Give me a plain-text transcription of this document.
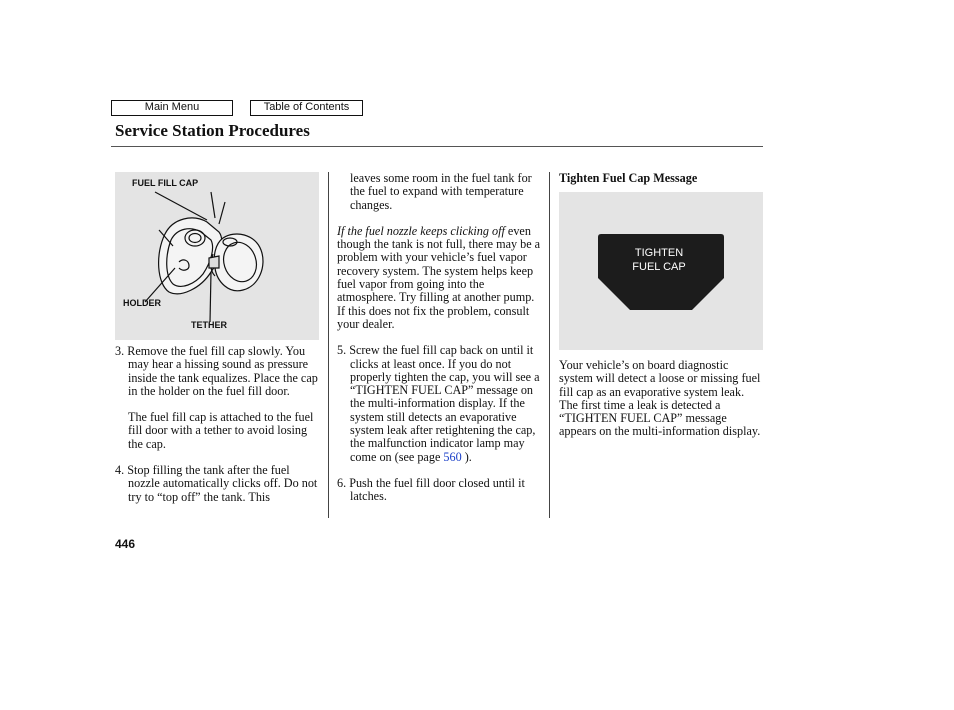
Main Menu	Table of Contents
Service Station Procedures
FUEL FILL CAP
HOLDER
TETHER

3. Remove the fuel fill cap slowly. You may hear a hissing sound as pressure inside the tank equalizes. Place the cap in the holder on the fuel fill door.

The fuel fill cap is attached to the fuel fill door with a tether to avoid losing the cap.

4. Stop filling the tank after the fuel nozzle automatically clicks off. Do not try to “top off” the tank. This

leaves some room in the fuel tank for the fuel to expand with temperature changes.

If the fuel nozzle keeps clicking off even though the tank is not full, there may be a problem with your vehicle’s fuel vapor recovery system. The system helps keep fuel vapor from going into the atmosphere. Try filling at another pump. If this does not fix the problem, consult your dealer.

5. Screw the fuel fill cap back on until it clicks at least once. If you do not properly tighten the cap, you will see a “TIGHTEN FUEL CAP” message on the multi-information display. If the system still detects an evaporative system leak after retightening the cap, the malfunction indicator lamp may come on (see page 560 ).

6. Push the fuel fill door closed until it latches.

Tighten Fuel Cap Message
TIGHTEN
FUEL CAP
Your vehicle’s on board diagnostic system will detect a loose or missing fuel fill cap as an evaporative system leak. The first time a leak is detected a “TIGHTEN FUEL CAP” message appears on the multi-information display.
446
